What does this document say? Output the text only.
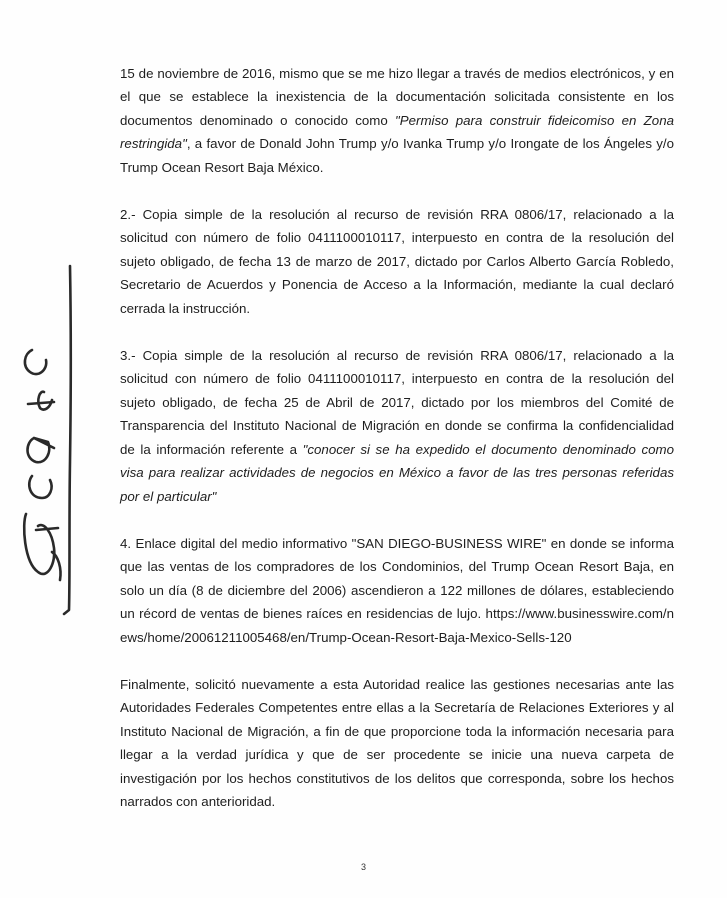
15 de noviembre de 2016, mismo que se me hizo llegar a través de medios electrónicos, y en el que se establece la inexistencia de la documentación solicitada consistente en los documentos denominado o conocido como "Permiso para construir fideicomiso en Zona restringida", a favor de Donald John Trump y/o Ivanka Trump y/o Irongate de los Ángeles y/o Trump Ocean Resort Baja México.

2.- Copia simple de la resolución al recurso de revisión RRA 0806/17, relacionado a la solicitud con número de folio 0411100010117, interpuesto en contra de la resolución del sujeto obligado, de fecha 13 de marzo de 2017, dictado por Carlos Alberto García Robledo, Secretario de Acuerdos y Ponencia de Acceso a la Información, mediante la cual declaró cerrada la instrucción.

3.- Copia simple de la resolución al recurso de revisión RRA 0806/17, relacionado a la solicitud con número de folio 0411100010117, interpuesto en contra de la resolución del sujeto obligado, de fecha 25 de Abril de 2017, dictado por los miembros del Comité de Transparencia del Instituto Nacional de Migración en donde se confirma la confidencialidad de la información referente a "conocer si se ha expedido el documento denominado como visa para realizar actividades de negocios en México a favor de las tres personas referidas por el particular"

4. Enlace digital del medio informativo "SAN DIEGO-BUSINESS WIRE" en donde se informa que las ventas de los compradores de los Condominios, del Trump Ocean Resort Baja, en solo un día (8 de diciembre del 2006) ascendieron a 122 millones de dólares, estableciendo un récord de ventas de bienes raíces en residencias de lujo. https://www.businesswire.com/news/home/20061211005468/en/Trump-Ocean-Resort-Baja-Mexico-Sells-120

Finalmente, solicitó nuevamente a esta Autoridad realice las gestiones necesarias ante las Autoridades Federales Competentes entre ellas a la Secretaría de Relaciones Exteriores y al Instituto Nacional de Migración, a fin de que proporcione toda la información necesaria para llegar a la verdad jurídica y que de ser procedente se inicie una nueva carpeta de investigación por los hechos constitutivos de los delitos que corresponda, sobre los hechos narrados con anterioridad.

3
